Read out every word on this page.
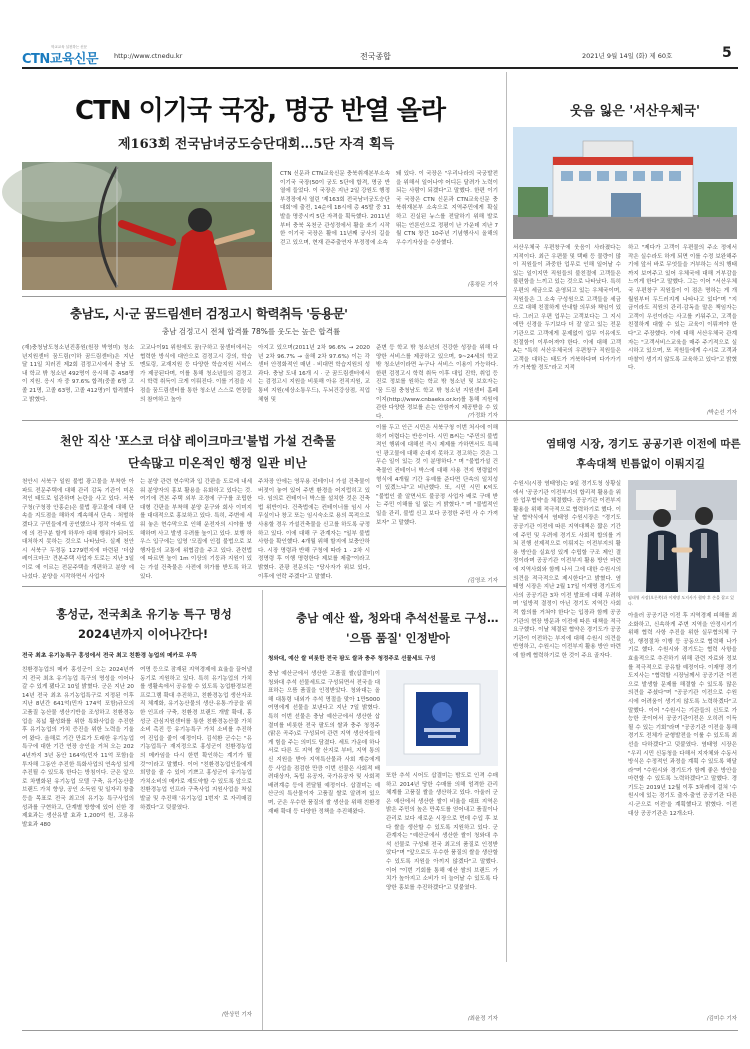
CTN교육신문
학교교육 실천하는 신문
http://www.ctnedu.kr	전국종합	2021년 9월 14일 (화) 제 60호	5
CTN 이기국 국장, 명궁 반열 올라
제163회 전국남녀궁도승단대회…5단 자격 획득
CTN 신문과 CTN교육신문 충북취재본부소속 이기국 국장(50이 궁도 5단에 합격, 명궁 반열에 들었다. 이 국장은 지난 2일 강원도 행정 부경장에서 열린 '제163회 전국남녀궁도승단대회'에 출전, 14순에 18시에 총 45발 중 31발을 명중시켜 5단 자격을 획득했다. 2011년부터 충북 옥천군 관성정에서 활을 쏘기 시작한 이기국 국장은 활에 11년째 궁사의 길을 걷고 있으며, 현재 관주출연자 부정정에 소속
돼 있다. 이 국장은 "우리나라의 국궁발전을 위해서 일어나야 어디든 달려가 노력이 되는 사람이 되겠다"고 말했다. 한편 이기국 국장은 CTN 신문과 CTN교육신문 충북취재본부 소속으로 지역주민에게 확실하고 진실된 뉴스를 전달하기 위해 발로 뛰는 언론인으로 정평이 난 가운데 지난 7월 CTN 창간 10주년 기념행사시 올해의 우수기자상을 수상했다.
/홍왕문 기자
웃음 잃은 '서산우체국'
서산우체국 우편창구에 웃음이 사라졌다는 지적이다. 최근 우편물 및 택배 등 물량이 많이 직원들이 과중한 업무로 인해 일어날 수 있는 일이지만 직원들의 불친절에 고객들은 불편함을 느끼고 있는 것으로 나타났다. 특히 우편의 세금으로 운영되고 있는 우체국이며, 직원들은 그 소속 구성원으로 고객들을 세금으로 대해 친절하게 안내할 의무와 책임이 있다. 그러고 우편 업무는 고객보다는 그 지시에만 신경을 두기보다 더 잘 알고 있는 전문기관으로 고객에게 문제없이 업무 이유에도 친절함이 이루어져야 한다. 이에 대해 고객 A는 "특히 서산우체국의 우편창구 직원들은 고객을 대하는 태도가 거북하다며 다가가기가 거북할 정도"라고 지적
하고 "제다가 고객이 우편물의 주소 정에서 작은 실수라도 하게 되면 이를 수정 보완해주기에 앞서 바로 무엇들을 거부하는 식의 행태까지 보여주고 있어 우체국에 대해 거부감을 느끼게 한다"고 말했다. 그는 이어 "서산우체국 우편창구 직원들이 이 점은 명하는 게 개월원부터 두드러지게 나타나고 있다"며 "지금이라도 직원의 관리·감독을 말은 책임자는 고객이 우선이라는 사고를 키워주고, 고객을 친절하게 대할 수 있는 교육이 이뤄져야 한다"고 주장했다. 이에 대해 서산우체국 관계자는 "고객서비스교육을 매주 주기적으로 실시하고 있으며, 또 직원들에게 수시로 고객과 마찰이 생기지 않도록 교육하고 있다"고 밝혔다.
/박순선 기자
충남도, 시·군 꿈드림센터 검정고시 학력취득 '등용문'
충남 검정고시 전체 합격률 78%를 웃도는 높은 합격률
(재)충청남도청소년진흥원(원장 박영미) 청소년지원센터 꿈드림(이하 꿈드림센터)은 지난달 11일 치러진 제2회 검정고시에서 충남 도내 학교 밖 청소년 492명이 응시해 총 458명이 지원. 응시 자 중 97.6% 합격(중졸 6명 고졸 21명, 고졸 63명, 고졸 412명)이 합격했다고 밝혔다.
고교나이91 위원에도 꿈(구하고 꿈센터에서는 협력한 방식에 대안으로 검정고시 강의, 학습 멘토링, 교재지원 등 다양한 학습지원 서비스가 제공된다며, 이를 통해 청소년들의 검정고시 학력 취득이 크게 이뤄진다. 이를 기점을 시점을 꿈드림센터를 통한 청소년 스스로 현장들의 참여하고 높아
아지고 있으며(2011년 2차 96.6% → 2020년 2차 96.7% → 올해 2차 97.6%) 이는 각 센터 안정화적인 매년 · 비대면 학습지원의 성과다. 충남 도내 16개 시 · 군 꿈드림센터에서는 검정고시 지원을 비롯해 아유 전직지원, 교통비 지원(세상소통우드), 두뇌건강상점, 직업체험 및
준변 등 학교 밖 청소년의 건강한 성장을 위해 다양한 서비스를 제공하고 있으며, 9~24세의 학교 밖 청소년이라면 누구나 서비스 이용이 가능하다. 한편 검정고시 학력 취득 이후 대입 진학, 취업 등 진로 정보를 원하는 학교 밖 청소년 및 보호자는 '꿈 드림 충청남도 학교 밖 청소년 지원센터 홈페이지(http://www.cnbaeks.or.kr)를 통해 지원에 관한 다양한 정보를 손는 안함까지 제공받을 수 있다.	/가정화 기자
천안 직산 '포스코 더샵 레이크마크'불법 가설 건축물
단속많고 미온적인 행정 일관 비난
천안시 서북구 일원 불법 광고물을 부착한 아파트 전문주택에 대해 관리 감독 기관이 미온적인 태도로 일관하며 논란을 사고 있다. 서북구청(구청장 안홍순)은 불법 광고물에 대해 단속을 지도점을 해하지 계속해서 단속 · 처벌하겠다고 구민들에게 공언했으나 정작 아파트 업에 의 전구분 할게 하루아 대해 행위가 되어도 대처하지 못하는 것으로 나타났다. 실제 천안시 서북구 두정동 1279번지에 마련된 '더샵 레이크마크' 견본주택 사업자 도로는 지난 3일 이로 에 이르는 전문주택을 개편하고 분양 에 나섰다. 분양을 시작하면서 사업자
는 분양 관련 현수막과 입 간판을 도로에 내세워 분양자의 홍보 활용을 유화하고 있다는 것. 여기에 견본 주택 외부 조경에 구구를 조립한 대형 간판을 부착해 분양 문구와 회사 이미지를 대대적으로 홍보하고 있다. 특히, 주변에 세워 놓은 현수막으로 인해 운전자의 시야를 방해하며 사고 발생 우려를 높이고 있다. 보행 하우스 입구에는 입영 '모집에 인접 불법으로 보행자들의 교통에 위협감을 주고 있다. 관련법에 따르면 높이 1m 이상의 기둥과 지원이 있는 가설 건축물은 사전에 허가를 받도록 하고 있다.
주차장 안에는 영무용 컨테이너 가설 건축물이 버젓이 놓여 있어 주변 환경을 어지럽히고 있다. 임의로 컨테이너 박스를 설치한 것은 건축법 위반이다. 건축법에는 컨테이너를 임시 사무실이나 창고 또는 임시숙소로 용의 목적으로 사용할 경우 가설건축물을 신고를 하도록 규정하고 있다. 이에 대해 구 관계자는 "일부 불법 사항을 확인했다. 4개월 위해 할지에 보충안하다. 시장 명령과 반해 구청에 따라 1 · 2차 시정명령 후 이행 명령한다 제보를 제출"이라고 밝혔다. 관광 전문의는 "당사자가 위보 있다, 이후에 연락 주겠다"고 말했다.
이를 두고 인근 시민은 서북구청 이번 처사에 이해하기 어렵다는 반응이다. 시민 B씨는 "주민의 불법적인 행위에 대해선 즉시 제제를 가하면서도 특혜인 광고물에 대해 손대지 못하고 경고하는 것은 그 무슨 일이 있는 것 이 분명하다." 며 "불법가설 건축물인 컨테이너 박스에 대해 사용 견지 명령없이 형식에 4개월 기간 유예를 준다면 단속의 일치성이 있겠느냐"고 비난했다. 또, 시민 시민 K씨도 "불법인 줄 알면서도 불공정 사업자 배로 구매 받는 주민 이해를 일 없는 거 밝혔다." 며 "불법적인 일을 관리, 불법 신고 보다 공정한 주민 사 수 가져보자" 고 말했다.
/김영조 기자
염태영 시장, 경기도 공공기관 이전에 따른
후속대책 빈틈없이 이뤄지길
수원시(시장 염태영)는 9일 경기도청 상황실에서 '공공기관 이전부지의 합리적 활용을 위한 업무협약'을 체결했다. 공공기관 이전부지 활용을 위해 적극적으로 협력하기로 했다. 이날 협약식에서 염태영 수원시장은 "경기도 공공기관 이전에 따른 지역대책은 짧은 기간에 주민 및 우려에 경기도 사회적 합의를 거쳐 진행 선제적으로 이뤄지는 이전부지의 활용 방안을 실효성 있게 수립할 구조 제인 결정이라며 공공기관 이전부지 활용 방안 마련에 지역사회와 함께 나서 그에 대한 수원시의 의견을 적극적으로 제시한다"고 밝혔다. 염태영 시장은 지난 2월 17일 이재명 경기도지사의 공공기관 3차 이전 발표에 대해 우려하며 '일방적 결정이 아닌 경기도 지역간 사회적 합의를 거쳐야 한다'는 입장과 함께 공공기관의 현장 방문과 이전에 따른 대책을 적극 요구했다. 이날 체결된 협약은 경기도가 공공기관이 이전하는 부지에 대해 수원시 의견을 반영하고, 수원시는 이전부지 활용 방안 마련에 함께 협력하기로 한 것이 주요 골자다.
염태영 시장(오른쪽)과 이재명 도지사가 협약 후 손을 잡고 있다.
아울러 공공기관 이전 후 지역경제 피해를 최소화하고, 신속하게 주변 지역을 안정시키기 위해 협력 사항 추진을 위한 실무협의체 구성, 행정절차 이행 등 공동으로 협력해 나가기로 했다. 수원시와 경기도는 협력 사항을 효율적으로 추진하기 위해 관련 자료와 정보를 적극적으로 공유할 예정이다. 이재명 경기도지사는 "협력할 시장님께서 공공기관 이전으로 발생할 문제를 해결할 수 있도록 많은 의견을 주셨다"며 "공공기관 이전으로 수원시에 어려움이 생기지 않도록 노력하겠다"고 말했다. 이어 "수원시는 기관들의 신도로 가능한 곳이어서 공공기관이전은 오히려 이득 될 수 있는 기회"라며 "공공기관 이전을 통해 경기도 전체가 균형발전을 이룰 수 있도록 최선을 다하겠다"고 덧붙였다. 염태영 시장은 "우리 시민 신동청을 다해서 지자체와 수동서 방식은 수정적인 과정을 계획 수 있도록 해달라"며 "수원시와 경기도가 함께 좋은 방안을 마련할 수 있도록 노력하겠다"고 말했다. 경기도는 2019년 12월 이후 3차례에 걸쳐 '수원시에 있는 경기도 출자·출연 공공기관 다른 시·군으로 이전'을 계획했다고 밝혔다. 이전 대상 공공기관은 12개소다.
/김미수 기자
홍성군, 전국최초 유기농 특구 명성
2024년까지 이어나간다!
전국 최초 유기농특구 홍성에서 전국 최고 친환경 농업의 메카로 우뚝
친환경농업의 메카 홍성군이 오는 2024년까지 전국 최초 유기농업 특구의 명성을 이어나갈 수 있게 됐다고 10일 밝혔다. 군은 지난 2014년 전국 최초 유기농업특구로 지정된 이후 지난 8년간 641억(민자 174억 포함)규모의 고품질 농산물 생산기반을 조성하고 친환경농업을 폭넓 활성화를 위한 특화사업을 추진한 후 유기농업의 가치 증진을 위한 노력을 기울여 왔다. 올해로 기간 만료가 도래한 유기농업 특구에 대한 기간 연장 승인을 거쳐 오는 2024년까지 3년 동안 164억(민자 11억 포함)을 투자해 그동안 추진한 특화사업의 연속성 있게 추진될 수 있도록 한다는 방침이다. 군은 앞으로 차별화된 유기농업 모델 구축, 유기농산물 브랜드 가치 향상, 공인 소득원 및 일자리 창출 등을 목표로 전국 최고의 유기농 특구사업의 성과를 구현하고, 단계별 방향에 있어 신한 경제효과는 생산유발 효과 1,200억 원, 고용유발효과 480
여명 등으로 잠재된 지역경제에 효율을 끌어낼 동기로 지원하고 있다. 특히 유기농업의 가치를 생활속에서 공유할 수 있도록 농업환경보전프로그램 확대 추진하고, 친환경농업 생산자조직 체계화, 유기농산물의 생산·유통·가공을 위한 인프라 구축, 친환경 브랜드 개발 확대, 홍성군 관심지원센터를 통한 친환경농산물 가치 소비 촉진 등 유기농특구 가치 소비를 추진하여 진입을 줄이 예정이다. 김석환 군수는 "유기농업특구 재지정으로 홍성군이 친환경농업의 메카임을 다시 한번 확인하는 계기가 될 것"이라고 말했다. 이어 "친환경농업인들에게 희망을 줄 수 있어 기쁘고 홍성군이 유기농업 가치소비의 메카로 재도약할 수 있도록 앞으로 친환경농업 인프라 구축사업 지원사업을 착실 발굴 및 추진해 '유기농업 1번지' 로 자리매김하겠다"고 덧붙였다.
/한상민 기자
충남 예산 쌀, 청와대 추석선물로 구성…
'으뜸 품질' 인정받아
청와대, 예산 쌀 비롯한 전국 팜도 쌀과 충주 청정주로 선물세트 구성
충남 예산군에서 생산한 고품질 쌀(삽결미)이 청와대 추석 선물세트로 구성되면서 전국을 대표하는 으뜸 품질을 인정받았다. 청와대는 올해 대통령 내외가 추석 명절을 맞아 1만5000여명에게 선물을 보낸다고 지난 7일 밝혔다. 특히 이번 선물은 충남 예산군에서 생산한 삽결미를 비롯한 전국 팔도의 쌀과 충주 청정주(맑은 곡주)로 구성되어 관련 지역 생산자들에게 힘을 주는 의미도 담겼다. 세트 가운데 하나 서로 다른 도 지역 쌀 산지로 부터, 지역 통의 신 지원을 받아 지역특산물과 사회 계층에게 등 사업을 점검한 만큼 이번 선물은 사회적 배려대상자, 독립 유공자, 국가유공자 및 사회적 배려계층 등에 전달될 예정이다. 삽결미는 예산군의 특산물이자 고품질 쌀로 알려져 있으며, 군은 우수한 품질의 쌀 생산을 위해 친환경 재배 확대 등 다양한 정책을 추진해왔다.
또한 추석 시어도 삽결미는 밤도로 인격 수매하고 2014년 당한 수매를 의해 엄격한 관리 체계를 고품질 쌀을 생산하고 있다. 아울러 군은 예산에서 생산한 쌀이 비율을 대표 지역은 밝은 주민의 높은 만족도를 얻어내고 품질이나 관리로 보다 새로운 시장으로 먼데 수입 후 보다 쌀을 생산할 수 있도록 지원하고 있다. 군 관계자는 "예산군에서 생산한 쌀이 청와대 추석 선물로 구성돼 전국 최고의 품질로 인정받았다"며 "앞으로도 우수한 품질의 쌀을 생산할 수 있도록 지원을 아끼지 않겠다"고 말했다. 이어 "이번 기회를 통해 예산 쌀의 브랜드 가치가 높아지고 소비가 더 늘어날 수 있도록 다양한 홍보를 추진하겠다"고 덧붙였다.
/최윤정 기자
